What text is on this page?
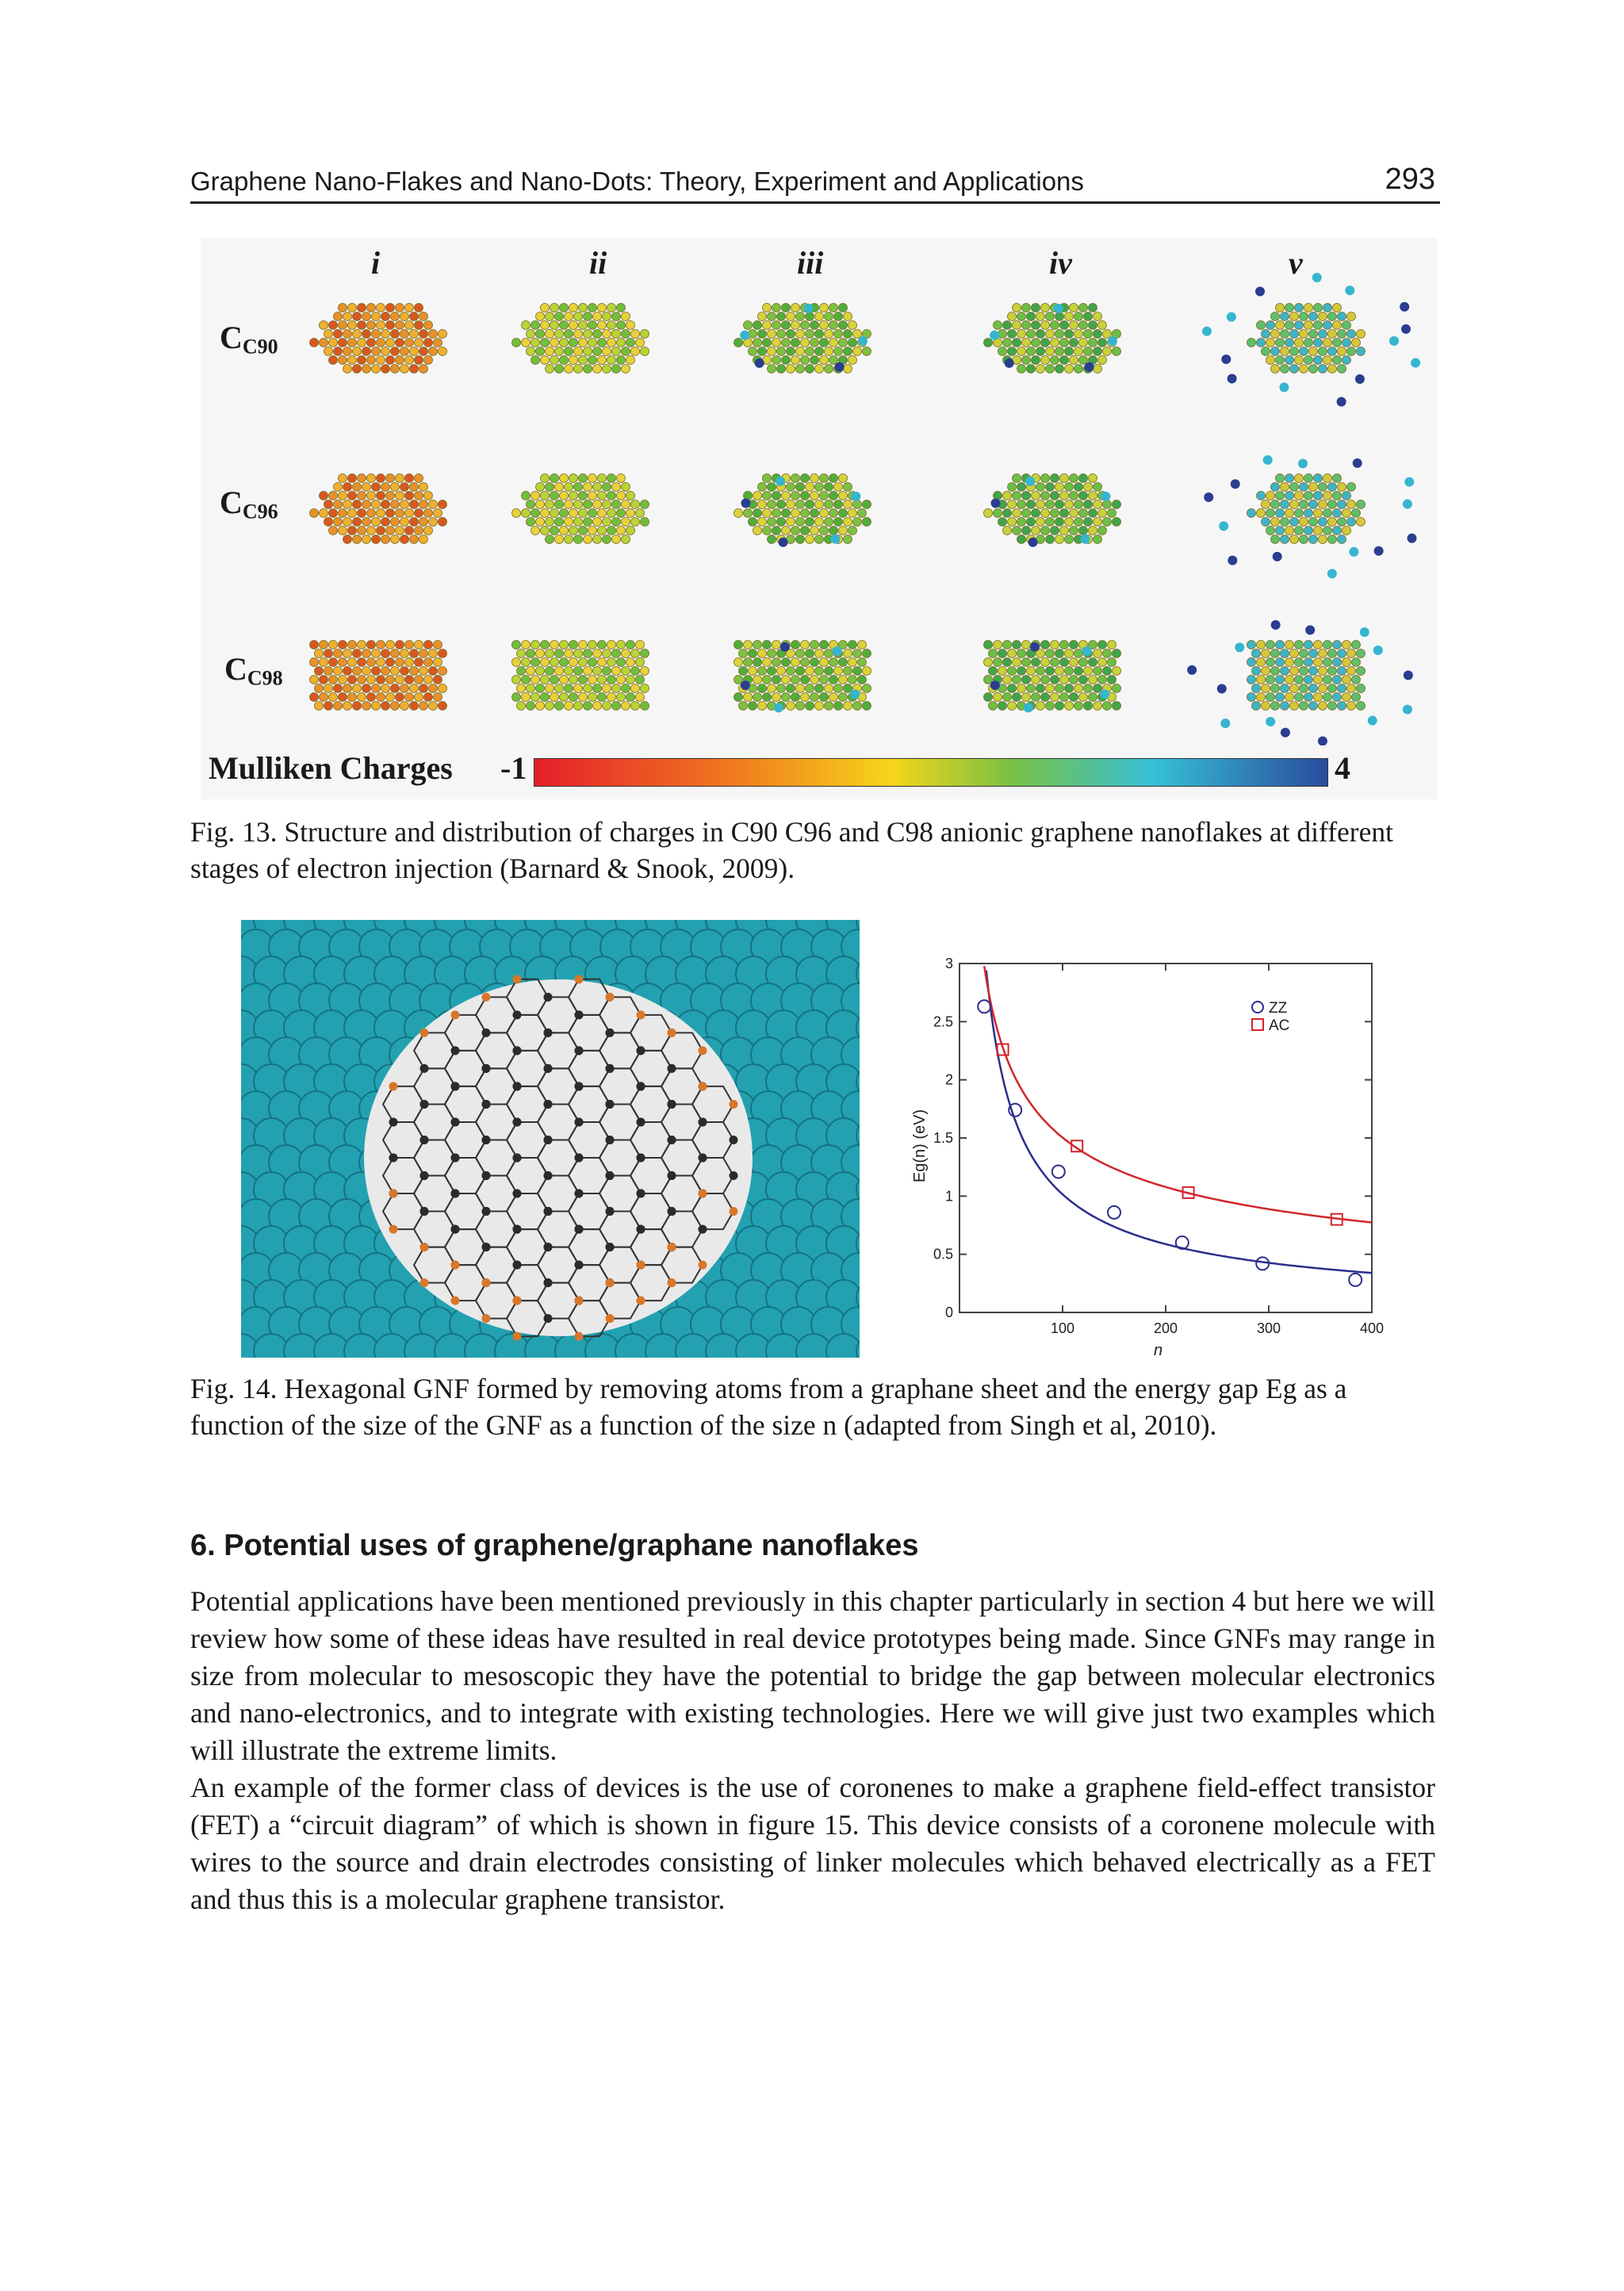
Graphene Nano-Flakes and Nano-Dots: Theory, Experiment and Applications	293
i	ii	iii	iv	v
$C_{C90}$
$C_{C96}$
$C_{C98}$
Mulliken Charges -1	4
Fig. 13. Structure and distribution of charges in C90 C96 and C98 anionic graphene nanoflakes at different stages of electron injection (Barnard & Snook, 2009).
0
0.5
1
1.5
2
2.5
3
100	200	300	400
ZZ
AC
n
Eg(n) (eV)
Fig. 14. Hexagonal GNF formed by removing atoms from a graphane sheet and the energy gap Eg as a function of the size of the GNF as a function of the size n (adapted from Singh et al, 2010).
6. Potential uses of graphene/graphane nanoflakes

Potential applications have been mentioned previously in this chapter particularly in section 4 but here we will review how some of these ideas have resulted in real device prototypes being made. Since GNFs may range in size from molecular to mesoscopic they have the potential to bridge the gap between molecular electronics and nano-electronics, and to integrate with existing technologies. Here we will give just two examples which will illustrate the extreme limits.

An example of the former class of devices is the use of coronenes to make a graphene field-effect transistor (FET) a “circuit diagram” of which is shown in figure 15. This device consists of a coronene molecule with wires to the source and drain electrodes consisting of linker molecules which behaved electrically as a FET and thus this is a molecular graphene transistor.
